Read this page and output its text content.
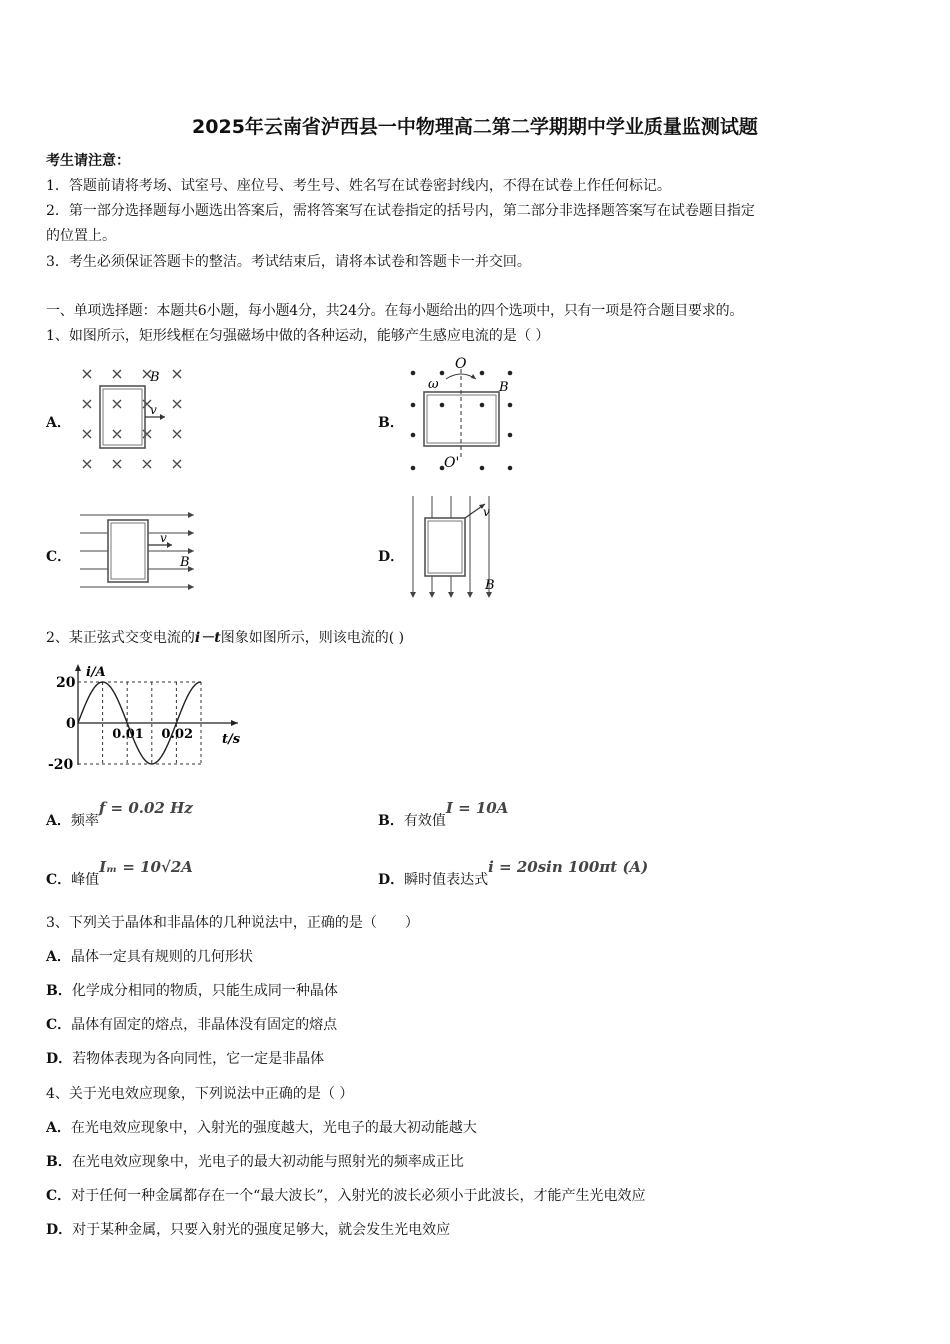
2025年云南省泸西县一中物理高二第二学期期中学业质量监测试题
考生请注意：
1．答题前请将考场、试室号、座位号、考生号、姓名写在试卷密封线内，不得在试卷上作任何标记。
2．第一部分选择题每小题选出答案后，需将答案写在试卷指定的括号内，第二部分非选择题答案写在试卷题目指定
的位置上。
3．考生必须保证答题卡的整洁。考试结束后，请将本试卷和答题卡一并交回。
一、单项选择题：本题共6小题，每小题4分，共24分。在每小题给出的四个选项中，只有一项是符合题目要求的。
1、如图所示，矩形线框在匀强磁场中做的各种运动，能够产生感应电流的是（ ）
A．
v
B
B．
O
O'
ω	B
C．
v
B	D．
v
B
2、某正弦式交变电流的i－t图象如图所示，则该电流的( )
20
0
-20
0.01 0.02
i/A
t/s
A．频率f = 0.02 Hz
B．有效值I = 10A
C．峰值Iₘ = 10√2A
D．瞬时值表达式i = 20sin 100πt (A)
3、下列关于晶体和非晶体的几种说法中，正确的是（　　）
A．晶体一定具有规则的几何形状
B．化学成分相同的物质，只能生成同一种晶体
C．晶体有固定的熔点，非晶体没有固定的熔点
D．若物体表现为各向同性，它一定是非晶体
4、关于光电效应现象，下列说法中正确的是（ ）
A．在光电效应现象中，入射光的强度越大，光电子的最大初动能越大
B．在光电效应现象中，光电子的最大初动能与照射光的频率成正比
C．对于任何一种金属都存在一个“最大波长”，入射光的波长必须小于此波长，才能产生光电效应
D．对于某种金属，只要入射光的强度足够大，就会发生光电效应
